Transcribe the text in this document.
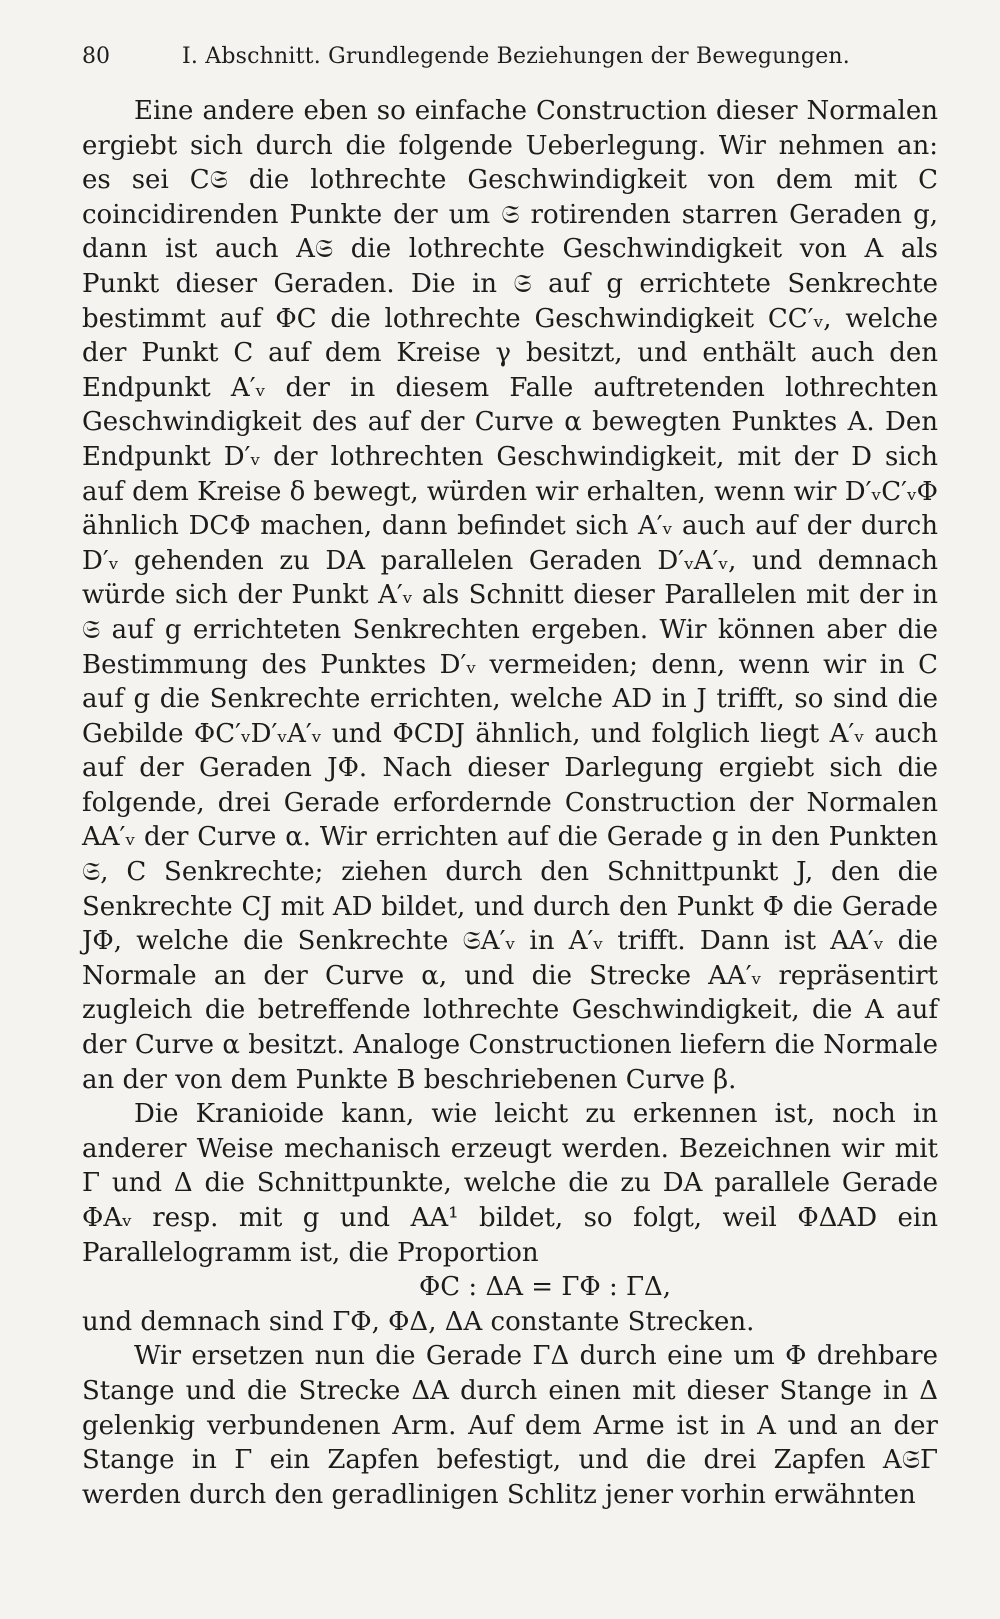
80	I. Abschnitt. Grundlegende Beziehungen der Bewegungen.

Eine andere eben so einfache Construction dieser Normalen ergiebt sich durch die folgende Ueberlegung. Wir nehmen an: es sei C𝔖 die lothrechte Geschwindigkeit von dem mit C coincidirenden Punkte der um 𝔖 rotirenden starren Geraden g, dann ist auch A𝔖 die lothrechte Geschwindigkeit von A als Punkt dieser Geraden. Die in 𝔖 auf g errichtete Senkrechte bestimmt auf ΦC die lothrechte Geschwindigkeit CC′ᵥ, welche der Punkt C auf dem Kreise γ besitzt, und enthält auch den Endpunkt A′ᵥ der in diesem Falle auftretenden lothrechten Geschwindigkeit des auf der Curve α bewegten Punktes A. Den Endpunkt D′ᵥ der lothrechten Geschwindigkeit, mit der D sich auf dem Kreise δ bewegt, würden wir erhalten, wenn wir D′ᵥC′ᵥΦ ähnlich DCΦ machen, dann befindet sich A′ᵥ auch auf der durch D′ᵥ gehenden zu DA parallelen Geraden D′ᵥA′ᵥ, und demnach würde sich der Punkt A′ᵥ als Schnitt dieser Parallelen mit der in 𝔖 auf g errichteten Senkrechten ergeben. Wir können aber die Bestimmung des Punktes D′ᵥ vermeiden; denn, wenn wir in C auf g die Senkrechte errichten, welche AD in J trifft, so sind die Gebilde ΦC′ᵥD′ᵥA′ᵥ und ΦCDJ ähnlich, und folglich liegt A′ᵥ auch auf der Geraden JΦ. Nach dieser Darlegung ergiebt sich die folgende, drei Gerade erfordernde Construction der Normalen AA′ᵥ der Curve α. Wir errichten auf die Gerade g in den Punkten 𝔖, C Senkrechte; ziehen durch den Schnittpunkt J, den die Senkrechte CJ mit AD bildet, und durch den Punkt Φ die Gerade JΦ, welche die Senkrechte 𝔖A′ᵥ in A′ᵥ trifft. Dann ist AA′ᵥ die Normale an der Curve α, und die Strecke AA′ᵥ repräsentirt zugleich die betreffende lothrechte Geschwindigkeit, die A auf der Curve α besitzt. Analoge Constructionen liefern die Normale an der von dem Punkte B beschriebenen Curve β.

Die Kranioide kann, wie leicht zu erkennen ist, noch in anderer Weise mechanisch erzeugt werden. Bezeichnen wir mit Γ und Δ die Schnittpunkte, welche die zu DA parallele Gerade ΦAᵥ resp. mit g und AA¹ bildet, so folgt, weil ΦΔAD ein Parallelogramm ist, die Proportion

ΦC : ΔA = ΓΦ : ΓΔ,

und demnach sind ΓΦ, ΦΔ, ΔA constante Strecken.

Wir ersetzen nun die Gerade ΓΔ durch eine um Φ drehbare Stange und die Strecke ΔA durch einen mit dieser Stange in Δ gelenkig verbundenen Arm. Auf dem Arme ist in A und an der Stange in Γ ein Zapfen befestigt, und die drei Zapfen A𝔖Γ werden durch den geradlinigen Schlitz jener vorhin erwähnten
